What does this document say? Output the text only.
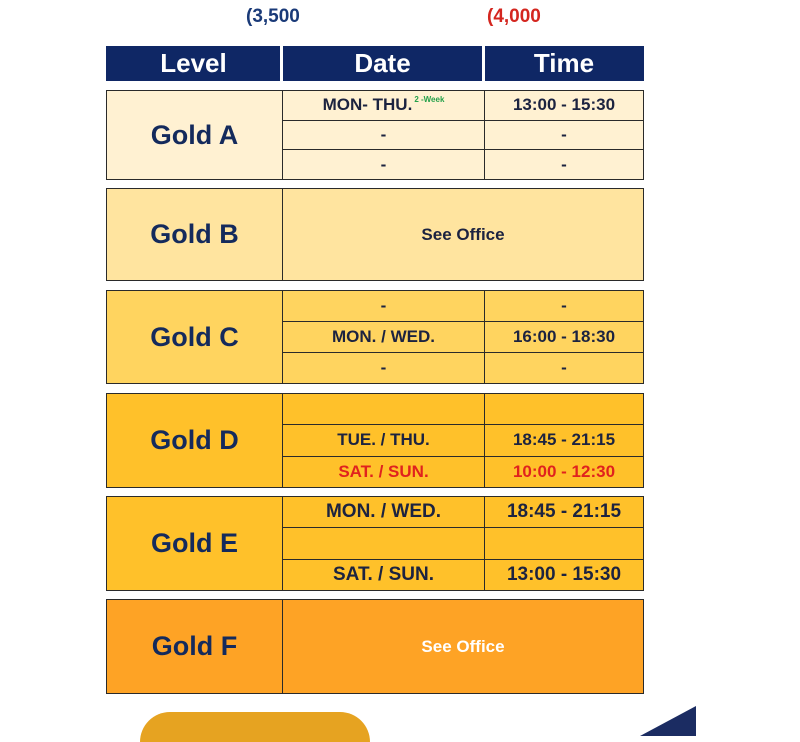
(3,500	(4,000
Level	Date	Time
Gold A
MON- THU. 2 -Week	13:00 - 15:30
-	-
-	-
Gold B	See Office
Gold C
-	-
MON. / WED.	16:00 - 18:30
-	-
Gold D	TUE. / THU.	18:45 - 21:15
SAT. / SUN.	10:00 - 12:30
Gold E
MON. / WED.	18:45 - 21:15
SAT. / SUN.	13:00 - 15:30
Gold F	See Office
